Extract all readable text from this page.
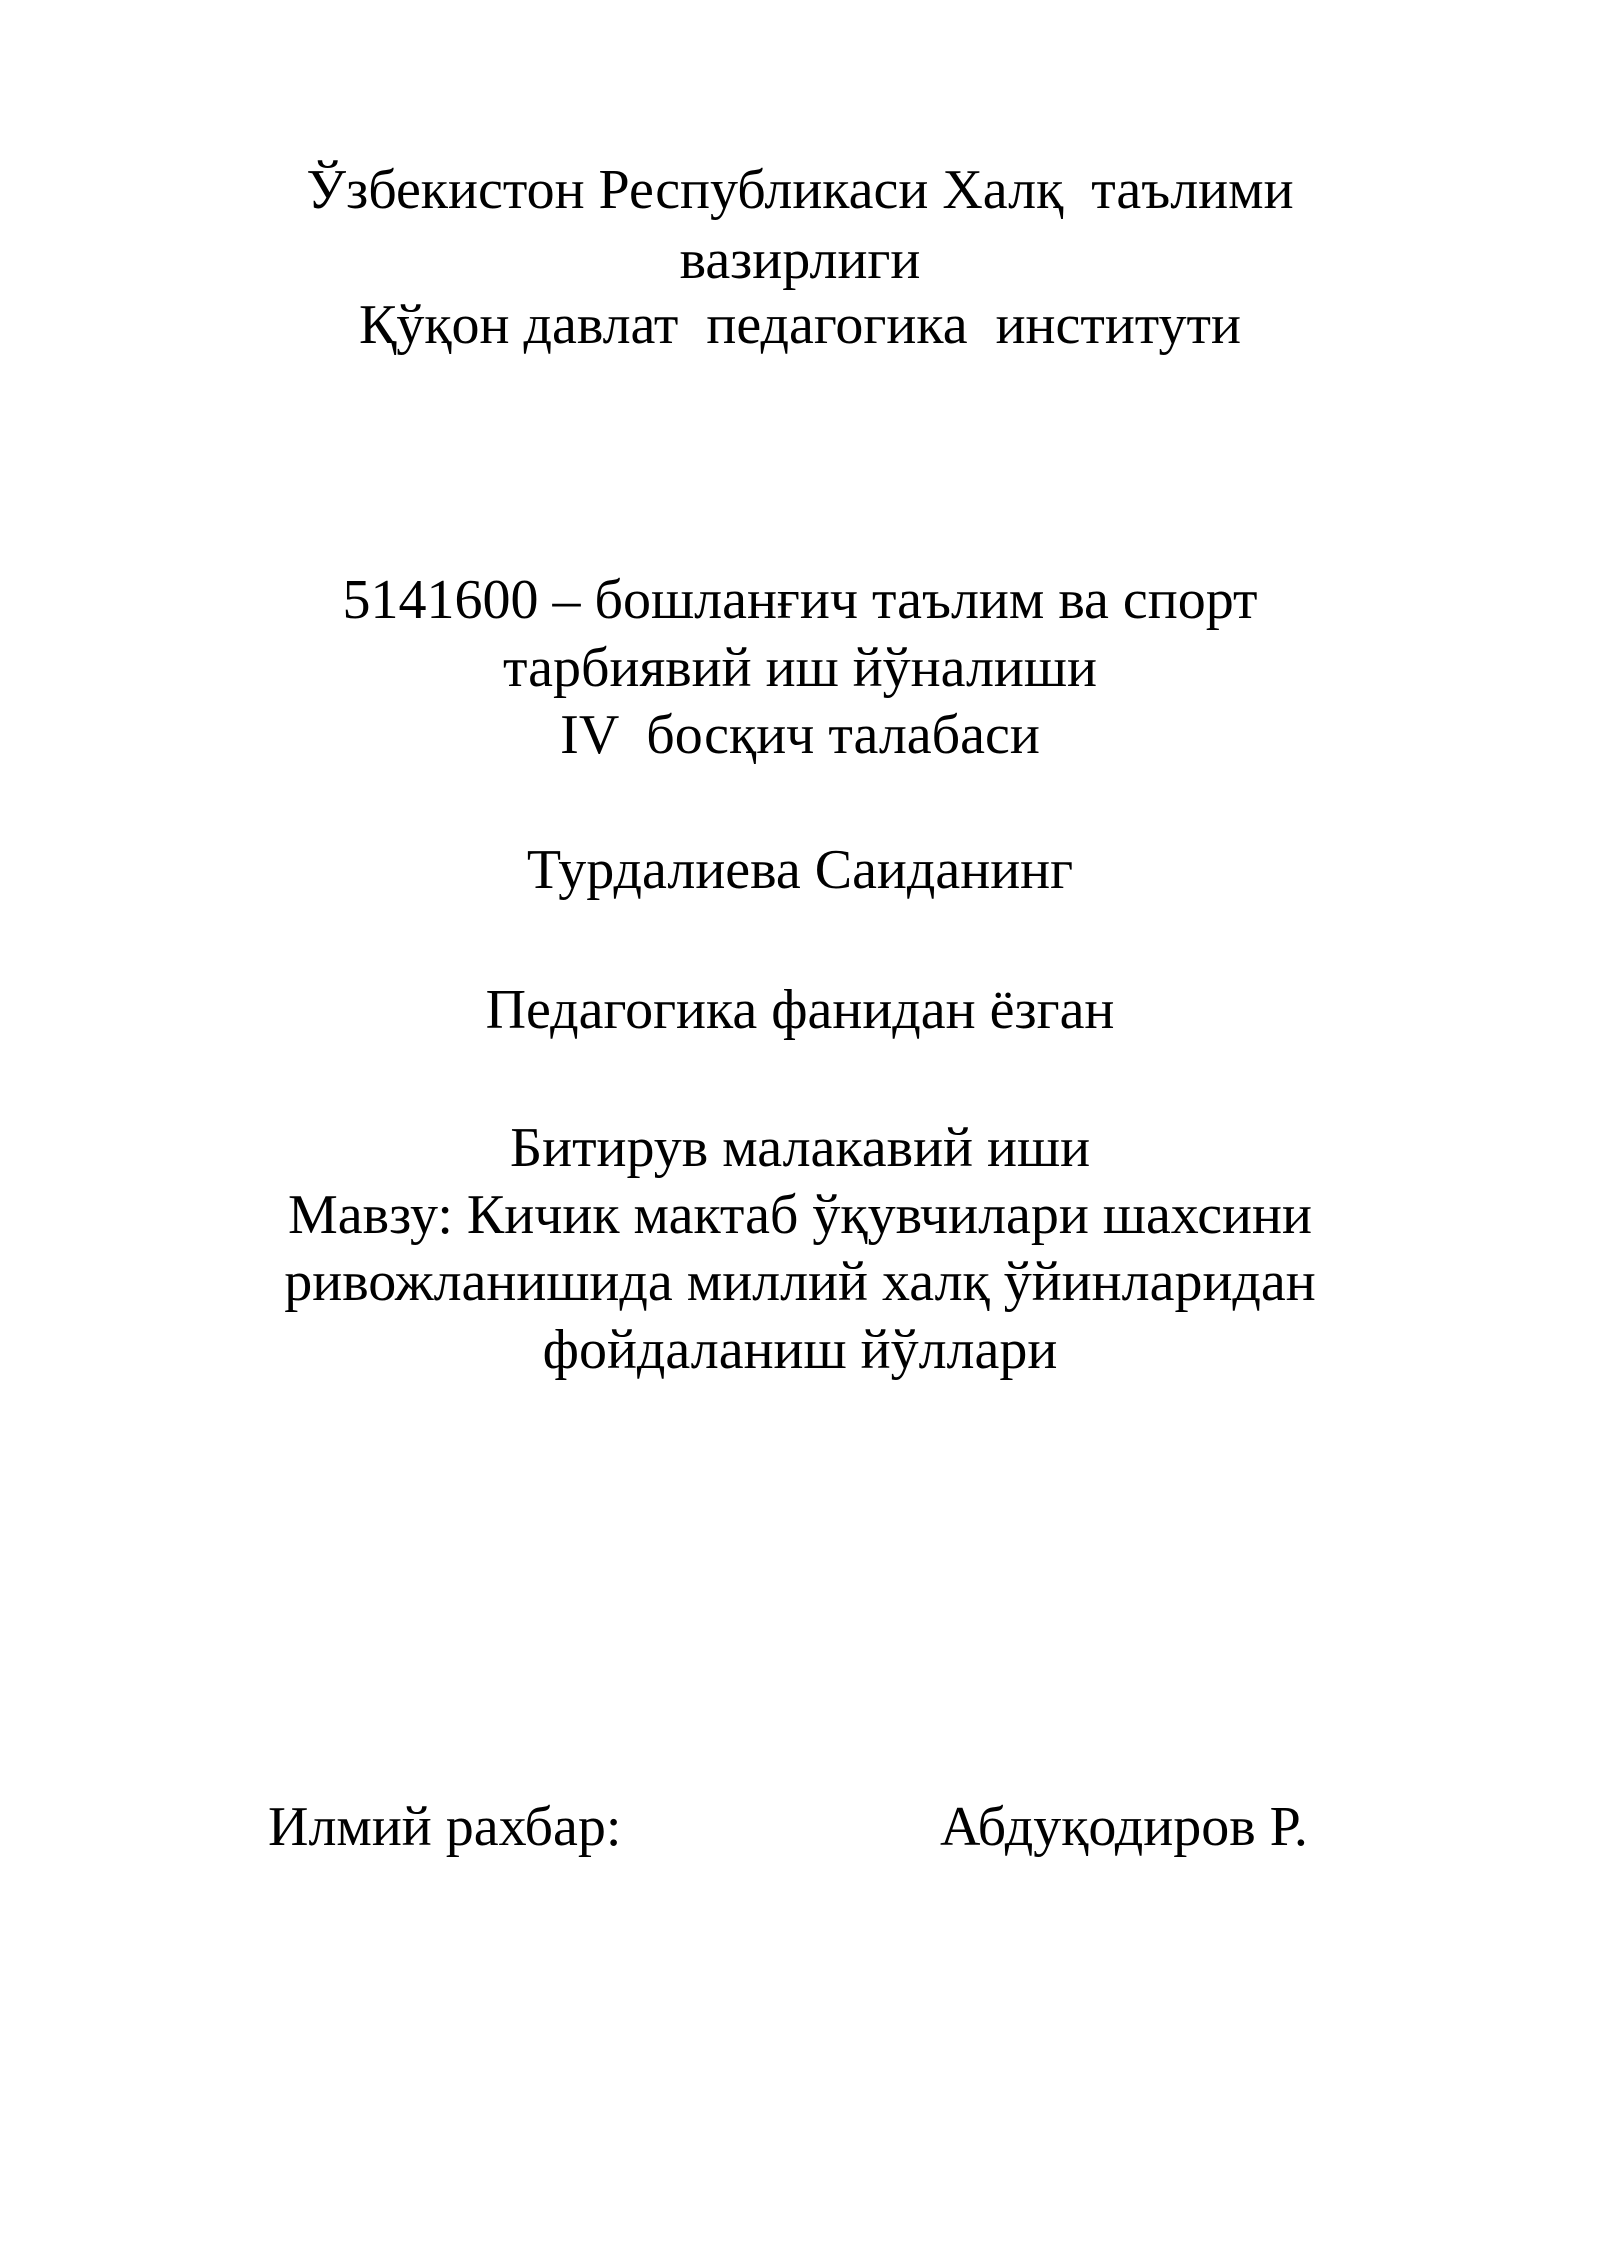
Ўзбекистон Республикаси Халқ  таълими
вазирлиги
Қўқон давлат  педагогика  институти
5141600 – бошланғич таълим ва спорт
тарбиявий иш йўналиши
IV  босқич талабаси
Турдалиева Саиданинг
Педагогика фанидан ёзган
Битирув малакавий иши
Мавзу: Кичик мактаб ўқувчилари шахсини
ривожланишида миллий халқ ўйинларидан
фойдаланиш йўллари
Илмий рахбар:	Абдуқодиров Р.
